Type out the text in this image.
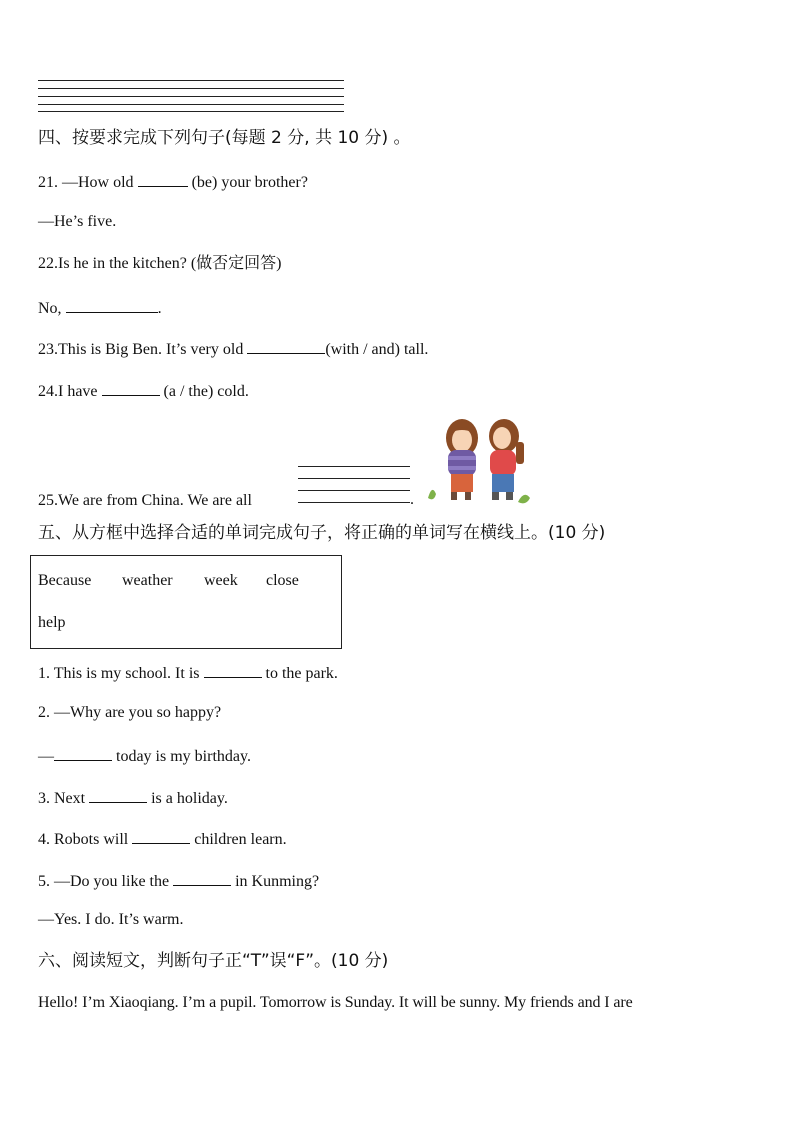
四、按要求完成下列句子(每题 2 分, 共 10 分) 。
21. —How old	(be) your brother?
—He’s five.
22.Is he in the kitchen? (做否定回答)
No,	.
23.This is Big Ben. It’s very old	(with / and) tall.
24.I have	(a / the) cold.
.
25.We are from China. We are all
五、从方框中选择合适的单词完成句子，将正确的单词写在横线上。(10 分)
Because weather week close
help
1. This is my school. It is	to the park.
2. —Why are you so happy?
—	today is my birthday.
3. Next	is a holiday.
4. Robots will	children learn.
5. —Do you like the	in Kunming?
—Yes. I do. It’s warm.
六、阅读短文，判断句子正“T”误“F”。(10 分)
Hello! I’m Xiaoqiang. I’m a pupil. Tomorrow is Sunday. It will be sunny. My friends and I are
